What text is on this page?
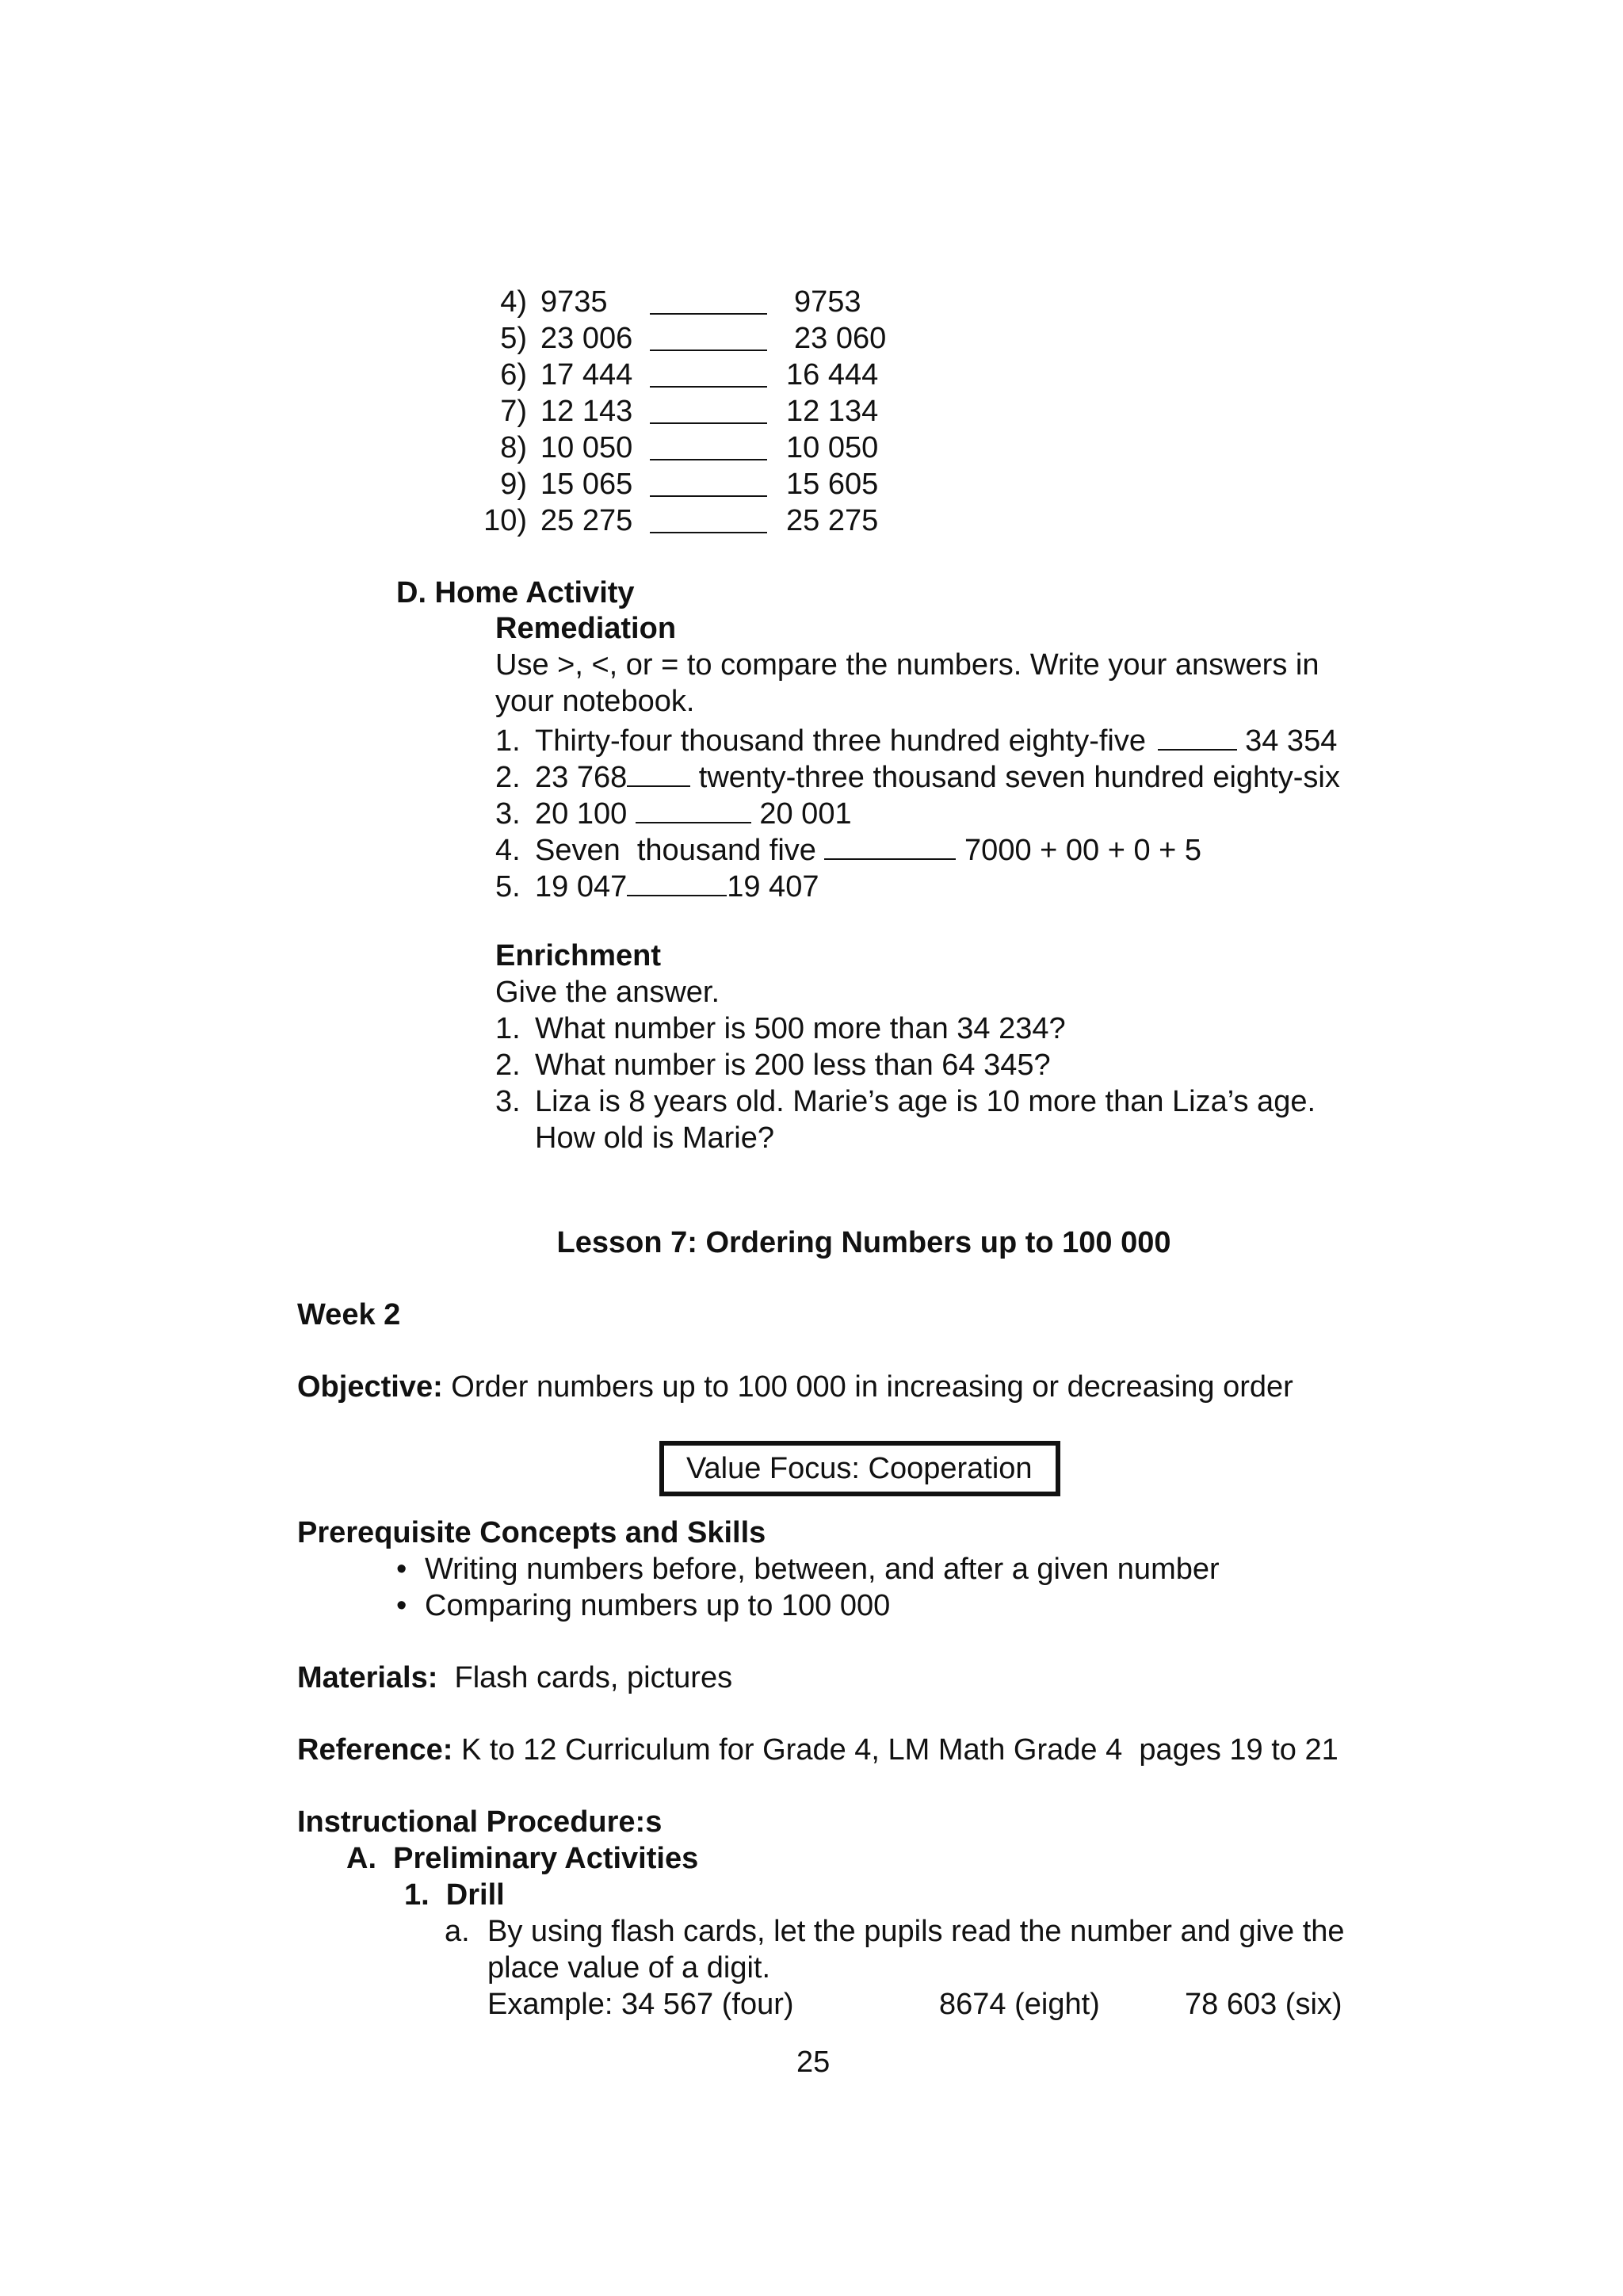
4) 9735	9753
5) 23 006	23 060
6) 17 444	16 444
7) 12 143	12 134
8) 10 050	10 050
9) 15 065	15 605
10) 25 275	25 275
D. Home Activity
Remediation
Use >, <, or = to compare the numbers. Write your answers in
your notebook.
1. Thirty-four thousand three hundred eighty-five	34 354
2. 23 768 twenty-three thousand seven hundred eighty-six
3. 20 100	20 001
4. Seven  thousand five	7000 + 00 + 0 + 5
5. 19 047	19 407
Enrichment
Give the answer.
1. What number is 500 more than 34 234?
2. What number is 200 less than 64 345?
3. Liza is 8 years old. Marie’s age is 10 more than Liza’s age.
How old is Marie?
Lesson 7: Ordering Numbers up to 100 000
Week 2
Objective: Order numbers up to 100 000 in increasing or decreasing order
Value Focus: Cooperation
Prerequisite Concepts and Skills
• Writing numbers before, between, and after a given number
• Comparing numbers up to 100 000
Materials:  Flash cards, pictures
Reference: K to 12 Curriculum for Grade 4, LM Math Grade 4  pages 19 to 21
Instructional Procedure:s
A.  Preliminary Activities
1.  Drill
a. By using flash cards, let the pupils read the number and give the
place value of a digit.
Example: 34 567 (four)	8674 (eight)	78 603 (six)
25
